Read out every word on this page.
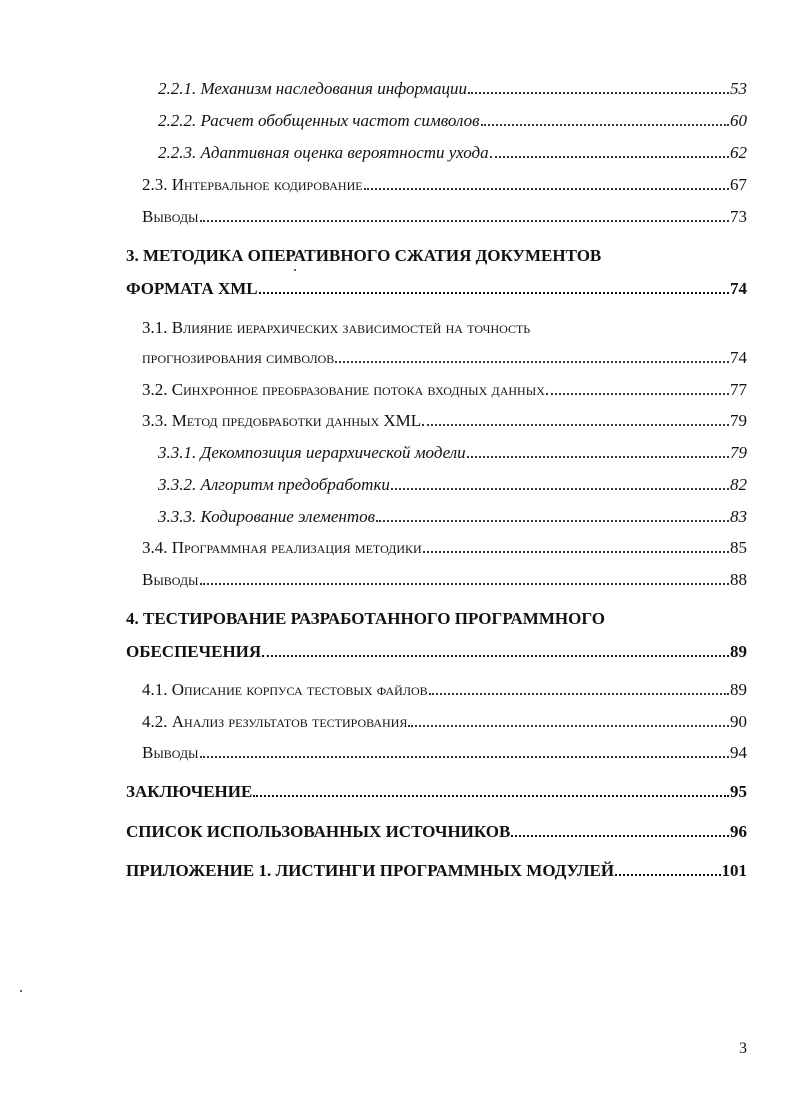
2.2.1. Механизм наследования информации	53
2.2.2. Расчет обобщенных частот символов	60
2.2.3. Адаптивная оценка вероятности ухода	62
2.3. Интервальное кодирование	67
Выводы	73
3. МЕТОДИКА ОПЕРАТИВНОГО СЖАТИЯ ДОКУМЕНТОВ
ФОРМАТА XML	74
3.1. Влияние иерархических зависимостей на точность
прогнозирования символов	74
3.2. Синхронное преобразование потока входных данных	77
3.3. Метод предобработки данных XML	79
3.3.1. Декомпозиция иерархической модели	79
3.3.2. Алгоритм предобработки	82
3.3.3. Кодирование элементов	83
3.4. Программная реализация методики	85
Выводы	88
4. ТЕСТИРОВАНИЕ РАЗРАБОТАННОГО ПРОГРАММНОГО
ОБЕСПЕЧЕНИЯ	89
4.1. Описание корпуса тестовых файлов	89
4.2. Анализ результатов тестирования	90
Выводы	94
ЗАКЛЮЧЕНИЕ	95
СПИСОК ИСПОЛЬЗОВАННЫХ ИСТОЧНИКОВ	96
ПРИЛОЖЕНИЕ 1. ЛИСТИНГИ ПРОГРАММНЫХ МОДУЛЕЙ	101
3
